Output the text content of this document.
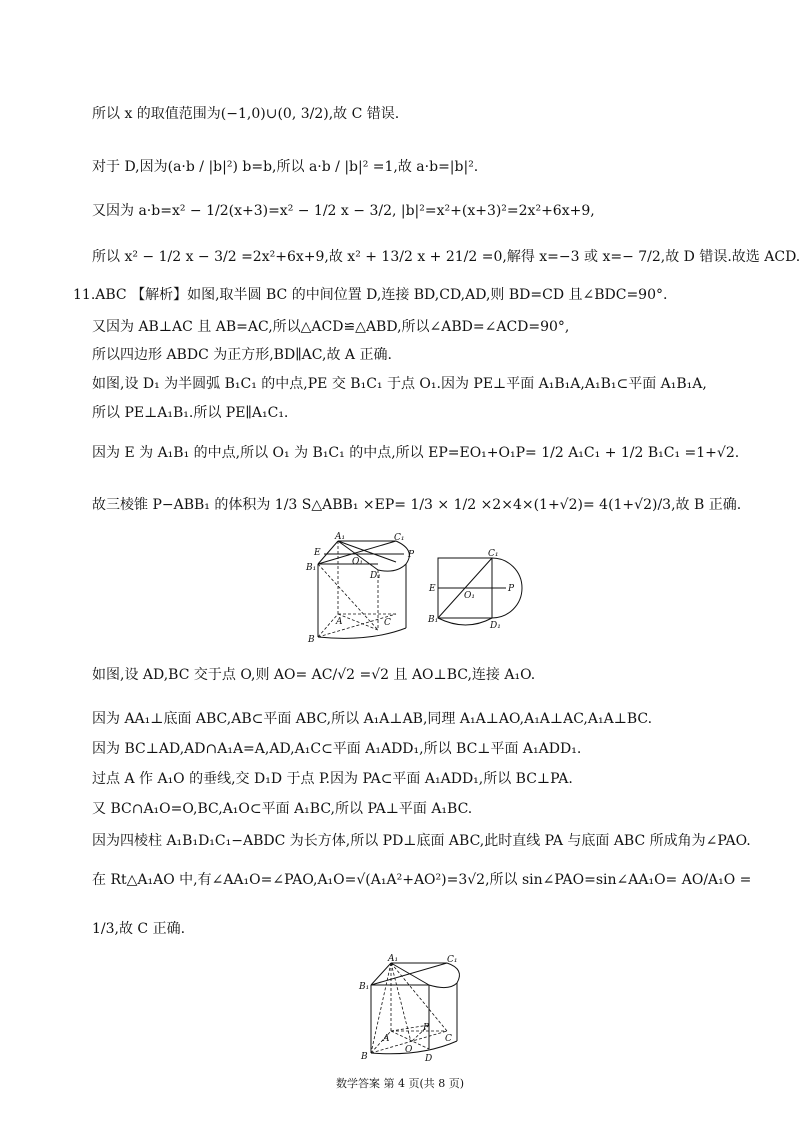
所以 x 的取值范围为(−1,0)∪(0, 3/2),故 C 错误.
对于 D,因为(a·b / |b|²) b=b,所以 a·b / |b|² =1,故 a·b=|b|².
又因为 a·b=x² − 1/2(x+3)=x² − 1/2 x − 3/2, |b|²=x²+(x+3)²=2x²+6x+9,
所以 x² − 1/2 x − 3/2 =2x²+6x+9,故 x² + 13/2 x + 21/2 =0,解得 x=−3 或 x=− 7/2,故 D 错误.故选 ACD.
11.ABC 【解析】如图,取半圆 BC 的中间位置 D,连接 BD,CD,AD,则 BD=CD 且∠BDC=90°.
又因为 AB⊥AC 且 AB=AC,所以△ACD≌△ABD,所以∠ABD=∠ACD=90°,
所以四边形 ABDC 为正方形,BD∥AC,故 A 正确.
如图,设 D₁ 为半圆弧 B₁C₁ 的中点,PE 交 B₁C₁ 于点 O₁.因为 PE⊥平面 A₁B₁A,A₁B₁⊂平面 A₁B₁A,
所以 PE⊥A₁B₁.所以 PE∥A₁C₁.
因为 E 为 A₁B₁ 的中点,所以 O₁ 为 B₁C₁ 的中点,所以 EP=EO₁+O₁P= 1/2 A₁C₁ + 1/2 B₁C₁ =1+√2.
故三棱锥 P−ABB₁ 的体积为 1/3 S△ABB₁ ×EP= 1/3 × 1/2 ×2×4×(1+√2)= 4(1+√2)/3,故 B 正确.
A₁	C₁
E	P
B₁
O₁
D₁
A	C
B
C₁
E
O₁
P
B₁
D₁
如图,设 AD,BC 交于点 O,则 AO= AC/√2 =√2 且 AO⊥BC,连接 A₁O.
因为 AA₁⊥底面 ABC,AB⊂平面 ABC,所以 A₁A⊥AB,同理 A₁A⊥AO,A₁A⊥AC,A₁A⊥BC.
因为 BC⊥AD,AD∩A₁A=A,AD,A₁C⊂平面 A₁ADD₁,所以 BC⊥平面 A₁ADD₁.
过点 A 作 A₁O 的垂线,交 D₁D 于点 P.因为 PA⊂平面 A₁ADD₁,所以 BC⊥PA.
又 BC∩A₁O=O,BC,A₁O⊂平面 A₁BC,所以 PA⊥平面 A₁BC.
因为四棱柱 A₁B₁D₁C₁−ABDC 为长方体,所以 PD⊥底面 ABC,此时直线 PA 与底面 ABC 所成角为∠PAO.
在 Rt△A₁AO 中,有∠AA₁O=∠PAO,A₁O=√(A₁A²+AO²)=3√2,所以 sin∠PAO=sin∠AA₁O= AO/A₁O =
1/3,故 C 正确.
A₁	C₁
B₁
A
P
O
C
B	D
数学答案 第 4 页(共 8 页)
